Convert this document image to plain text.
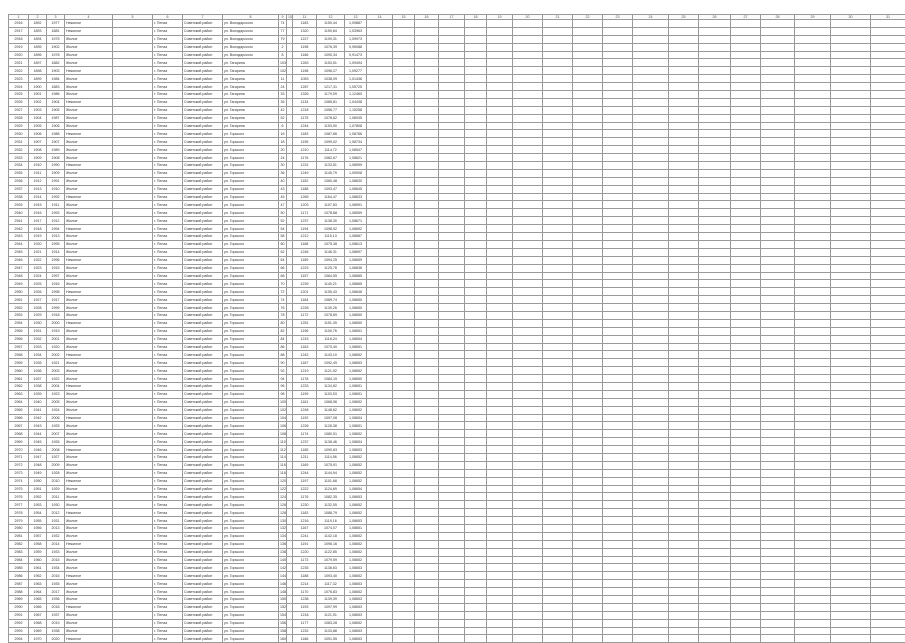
1	2	3	4	5	6	7	8	9	10	11	12	13	14	15	16	17	18	19	20	21	22	23	24	25	26	27	28	29	30	31
2916	1892	1977	Нежилое		г. Пенза	Советский район	ул. Володарского	74		1183	1150,44	1,09887																		
2917	1893	1881	Нежилое		г. Пенза	Советский район	ул. Володарского	77		1320	1159,84	1,03963																		
2918	1894	1975	Жилое		г. Пенза	Советский район	ул. Володарского	79		1227	1109,31	1,09973																		
2919	1895	1902	Жилое		г. Пенза	Советский район	ул. Володарского	2		1198	1076,39	0,95088																		
2920	1896	1978	Жилое		г. Пенза	Советский район	ул. Володарского	8		1166	1090,34	0,91473																		
2921	1897	1882	Жилое		г. Пенза	Советский район	ул. Гагарина	103		1263	1153,51	1,09494																		
2922	1898	1903	Нежилое		г. Пенза	Советский район	ул. Гагарина	102		1198	1096,27	1,09277																		
2923	1899	1984	Жилое		г. Пенза	Советский район	ул. Гагарина	11		1053	1038,09	1,01436																		
2924	1900	1883	Жилое		г. Пенза	Советский район	ул. Гагарина	24		1287	1217,31	1,05725																		
2925	1901	1986	Жилое		г. Пенза	Советский район	ул. Гагарина	33		1326	1179,09	1,12460																		
2926	1902	1904	Нежилое		г. Пенза	Советский район	ул. Гагарина	35		1134	1085,81	1,04438																		
2927	1903	1905	Жилое		г. Пенза	Советский район	ул. Гагарина	42		1218	1056,77	1,15258																		
2928	1904	1987	Жилое		г. Пенза	Советский район	ул. Гагарина	52		1175	1078,62	1,08935																		
2929	1905	1906	Жилое		г. Пенза	Советский район	ул. Гагарина	6		1244	1153,90	1,07808																		
2930	1906	1988	Нежилое		г. Пенза	Советский район	ул. Горького	16		1183	1087,66	1,08766																		
2931	1907	1907	Жилое		г. Пенза	Советский район	ул. Горького	18		1195	1099,02	1,08734																		
2932	1908	1989	Жилое		г. Пенза	Советский район	ул. Горького	20		1210	1114,72	1,08547																		
2933	1909	1908	Жилое		г. Пенза	Советский район	ул. Горького	24		1176	1082,67	1,08621																		
2934	1910	1990	Нежилое		г. Пенза	Советский район	ул. Горького	30		1231	1133,51	1,08599																		
2935	1911	1909	Жилое		г. Пенза	Советский район	ул. Горького	36		1249	1145,79	1,09008																		
2936	1912	1991	Жилое		г. Пенза	Советский район	ул. Горького	40		1152	1060,48	1,08630																		
2937	1913	1910	Жилое		г. Пенза	Советский район	ул. Горького	43		1188	1093,47	1,08645																		
2938	1914	1992	Нежилое		г. Пенза	Советский район	ул. Горького	45		1265	1164,47	1,08633																		
2939	1915	1911	Жилое		г. Пенза	Советский район	ул. Горького	47		1203	1107,83	1,08591																		
2940	1916	1993	Жилое		г. Пенза	Советский район	ул. Горького	50		1171	1078,68	1,08559																		
2941	1917	1912	Жилое		г. Пенза	Советский район	ул. Горького	52		1237	1138,30	1,08671																		
2942	1918	1994	Нежилое		г. Пенза	Советский район	ул. Горького	54		1194	1098,52	1,08692																		
2943	1919	1913	Жилое		г. Пенза	Советский район	ул. Горького	58		1212	1115,13	1,08687																		
2944	1920	1995	Жилое		г. Пенза	Советский район	ул. Горького	60		1168	1075,38	1,08613																		
2945	1921	1914	Жилое		г. Пенза	Советский район	ул. Горького	62		1246	1146,31	1,08697																		
2946	1922	1996	Нежилое		г. Пенза	Советский район	ул. Горького	64		1189	1094,25	1,08659																		
2947	1923	1915	Жилое		г. Пенза	Советский район	ул. Горького	66		1223	1125,78	1,08636																		
2948	1924	1997	Жилое		г. Пенза	Советский район	ул. Горького	68		1157	1064,55	1,08685																		
2949	1925	1916	Жилое		г. Пенза	Советский район	ул. Горького	70		1239	1140,21	1,08665																		
2950	1926	1998	Нежилое		г. Пенза	Советский район	ул. Горького	72		1201	1105,43	1,08646																		
2951	1927	1917	Жилое		г. Пенза	Советский район	ул. Горького	74		1184	1089,74	1,08650																		
2952	1928	1999	Жилое		г. Пенза	Советский район	ул. Горького	76		1228	1130,26	1,08650																		
2953	1929	1918	Жилое		г. Пенза	Советский район	ул. Горького	78		1172	1078,69	1,08650																		
2954	1930	2000	Нежилое		г. Пенза	Советский район	ул. Горького	80		1251	1151,39	1,08650																		
2955	1931	1919	Жилое		г. Пенза	Советский район	ул. Горького	82		1196	1100,76	1,08651																		
2956	1932	2001	Жилое		г. Пенза	Советский район	ул. Горького	84		1215	1118,24	1,08654																		
2957	1933	1920	Жилое		г. Пенза	Советский район	ул. Горького	86		1163	1070,40	1,08651																		
2958	1934	2002	Нежилое		г. Пенза	Советский район	ул. Горького	88		1242	1143,10	1,08652																		
2959	1935	1921	Жилое		г. Пенза	Советский район	ул. Горького	90		1187	1092,49	1,08653																		
2960	1936	2003	Жилое		г. Пенза	Советский район	ул. Горького	92		1219	1121,92	1,08652																		
2961	1937	1922	Жилое		г. Пенза	Советский район	ул. Горького	94		1178	1084,19	1,08650																		
2962	1938	2004	Нежилое		г. Пенза	Советский район	ул. Горького	96		1233	1134,82	1,08651																		
2963	1939	1923	Жилое		г. Пенза	Советский район	ул. Горького	98		1199	1103,53	1,08651																		
2964	1940	2005	Жилое		г. Пенза	Советский район	ул. Горького	100		1161	1068,56	1,08652																		
2965	1941	1924	Жилое		г. Пенза	Советский район	ул. Горького	102		1248	1148,62	1,08652																		
2966	1942	2006	Нежилое		г. Пенза	Советский район	ул. Горького	104		1192	1097,08	1,08654																		
2967	1943	1925	Жилое		г. Пенза	Советский район	ул. Горького	106		1226	1128,38	1,08651																		
2968	1944	2007	Жилое		г. Пенза	Советский район	ул. Горького	108		1174	1080,51	1,08652																		
2969	1945	1926	Жилое		г. Пенза	Советский район	ул. Горького	110		1237	1138,46	1,08654																		
2970	1946	2008	Нежилое		г. Пенза	Советский район	ул. Горького	112		1185	1090,63	1,08653																		
2971	1947	1927	Жилое		г. Пенза	Советский район	ул. Горького	114		1211	1114,56	1,08652																		
2972	1948	2009	Жилое		г. Пенза	Советский район	ул. Горького	116		1169	1075,91	1,08652																		
2973	1949	1928	Жилое		г. Пенза	Советский район	ул. Горького	118		1244	1144,94	1,08652																		
2974	1950	2010	Нежилое		г. Пенза	Советский район	ул. Горького	120		1197	1101,68	1,08652																		
2975	1951	1929	Жилое		г. Пенза	Советский район	ул. Горького	122		1222	1124,69	1,08654																		
2976	1952	2011	Жилое		г. Пенза	Советский район	ул. Горького	124		1176	1082,35	1,08653																		
2977	1953	1930	Жилое		г. Пенза	Советский район	ул. Горького	126		1230	1132,05	1,08652																		
2978	1954	2012	Нежилое		г. Пенза	Советский район	ул. Горького	128		1183	1088,79	1,08652																		
2979	1955	1931	Жилое		г. Пенза	Советский район	ул. Горького	130		1216	1119,16	1,08653																		
2980	1956	2013	Жилое		г. Пенза	Советский район	ул. Горького	132		1167	1074,07	1,08651																		
2981	1957	1932	Жилое		г. Пенза	Советский район	ул. Горького	134		1241	1142,18	1,08652																		
2982	1958	2014	Нежилое		г. Пенза	Советский район	ул. Горького	136		1191	1096,16	1,08652																		
2983	1959	1933	Жилое		г. Пенза	Советский район	ул. Горького	138		1220	1122,85	1,08652																		
2984	1960	2015	Жилое		г. Пенза	Советский район	ул. Горького	140		1173	1079,59	1,08652																		
2985	1961	1934	Жилое		г. Пенза	Советский район	ул. Горького	142		1235	1136,63	1,08653																		
2986	1962	2016	Нежилое		г. Пенза	Советский район	ул. Горького	144		1188	1093,40	1,08652																		
2987	1963	1935	Жилое		г. Пенза	Советский район	ул. Горького	146		1214	1117,32	1,08653																		
2988	1964	2017	Жилое		г. Пенза	Советский район	ул. Горького	148		1170	1076,83	1,08652																		
2989	1965	1936	Жилое		г. Пенза	Советский район	ул. Горького	150		1238	1139,39	1,08653																		
2990	1966	2018	Нежилое		г. Пенза	Советский район	ул. Горького	152		1193	1097,99	1,08653																		
2991	1967	1937	Жилое		г. Пенза	Советский район	ул. Горького	154		1218	1121,01	1,08653																		
2992	1968	2019	Жилое		г. Пенза	Советский район	ул. Горького	156		1177	1083,28	1,08652																		
2993	1969	1938	Жилое		г. Пенза	Советский район	ул. Горького	158		1232	1133,88	1,08653																		
2994	1970	2020	Нежилое		г. Пенза	Советский район	ул. Горького	160		1186	1091,55	1,08653																		
